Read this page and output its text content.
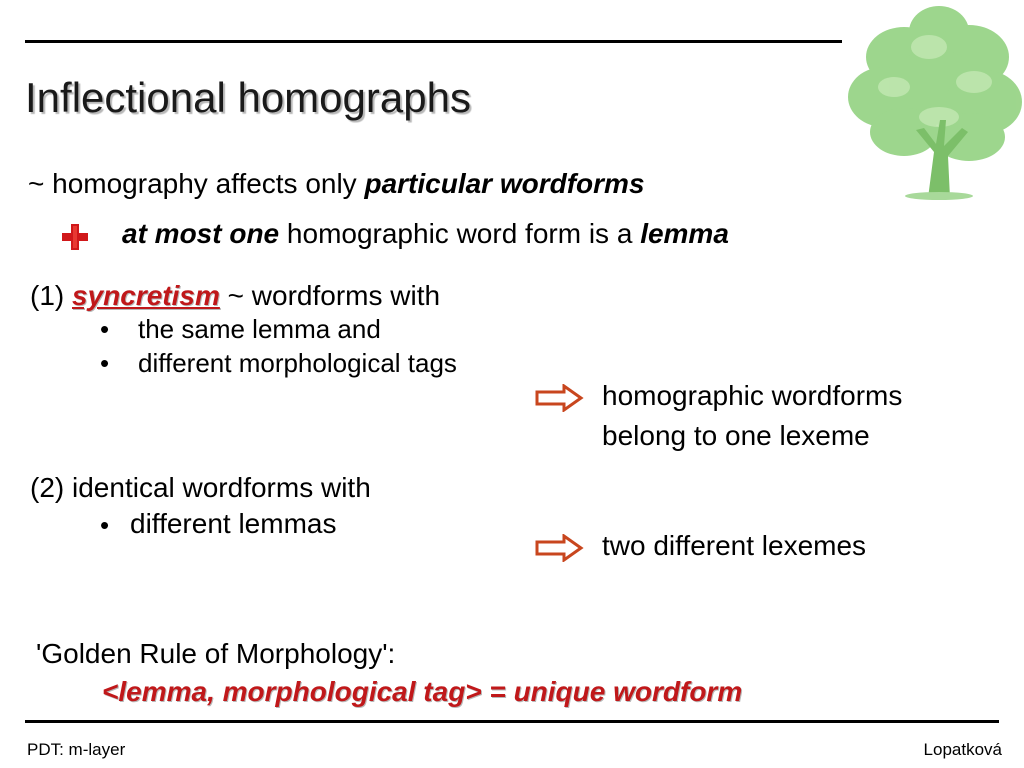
Inflectional homographs
~ homography affects only particular wordforms
at most one homographic word form is a lemma
(1) syncretism ~ wordforms with
• the same lemma and
• different morphological tags
homographic wordforms
belong to one lexeme
(2) identical wordforms with
• different lemmas
two different lexemes
'Golden Rule of Morphology':
<lemma, morphological tag> = unique wordform
PDT: m-layer	Lopatková
